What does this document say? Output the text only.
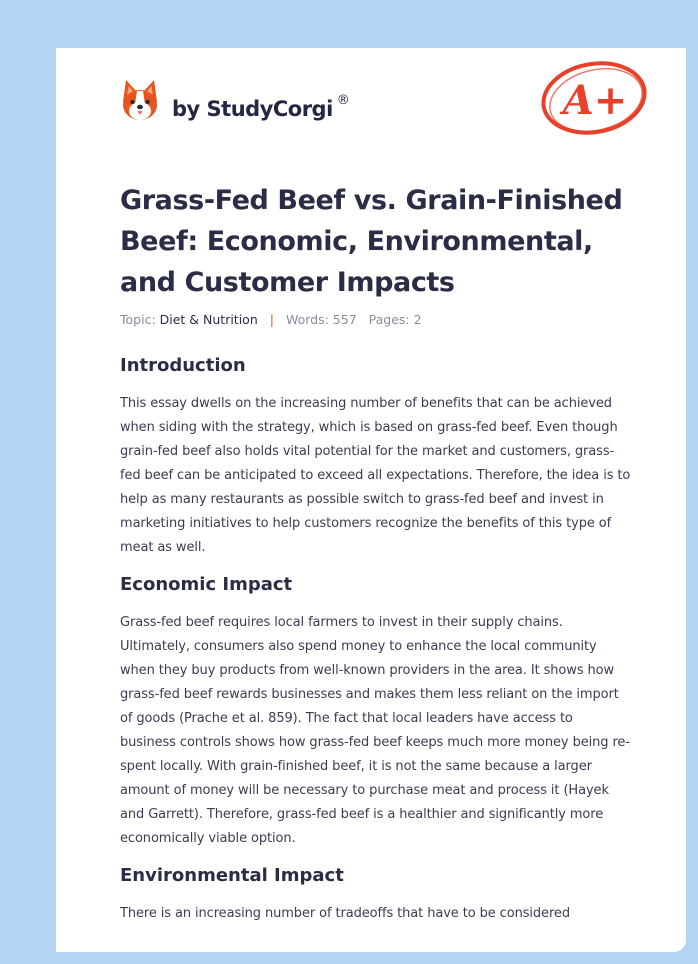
by StudyCorgi ®	A+
Grass-Fed Beef vs. Grain-Finished Beef: Economic, Environmental, and Customer Impacts
Topic: Diet & Nutrition | Words: 557 Pages: 2
Introduction

This essay dwells on the increasing number of benefits that can be achieved when siding with the strategy, which is based on grass-fed beef. Even though grain-fed beef also holds vital potential for the market and customers, grass-fed beef can be anticipated to exceed all expectations. Therefore, the idea is to help as many restaurants as possible switch to grass-fed beef and invest in marketing initiatives to help customers recognize the benefits of this type of meat as well.

Economic Impact

Grass-fed beef requires local farmers to invest in their supply chains. Ultimately, consumers also spend money to enhance the local community when they buy products from well-known providers in the area. It shows how grass-fed beef rewards businesses and makes them less reliant on the import of goods (Prache et al. 859). The fact that local leaders have access to business controls shows how grass-fed beef keeps much more money being re-spent locally. With grain-finished beef, it is not the same because a larger amount of money will be necessary to purchase meat and process it (Hayek and Garrett). Therefore, grass-fed beef is a healthier and significantly more economically viable option.

Environmental Impact

There is an increasing number of tradeoffs that have to be considered
